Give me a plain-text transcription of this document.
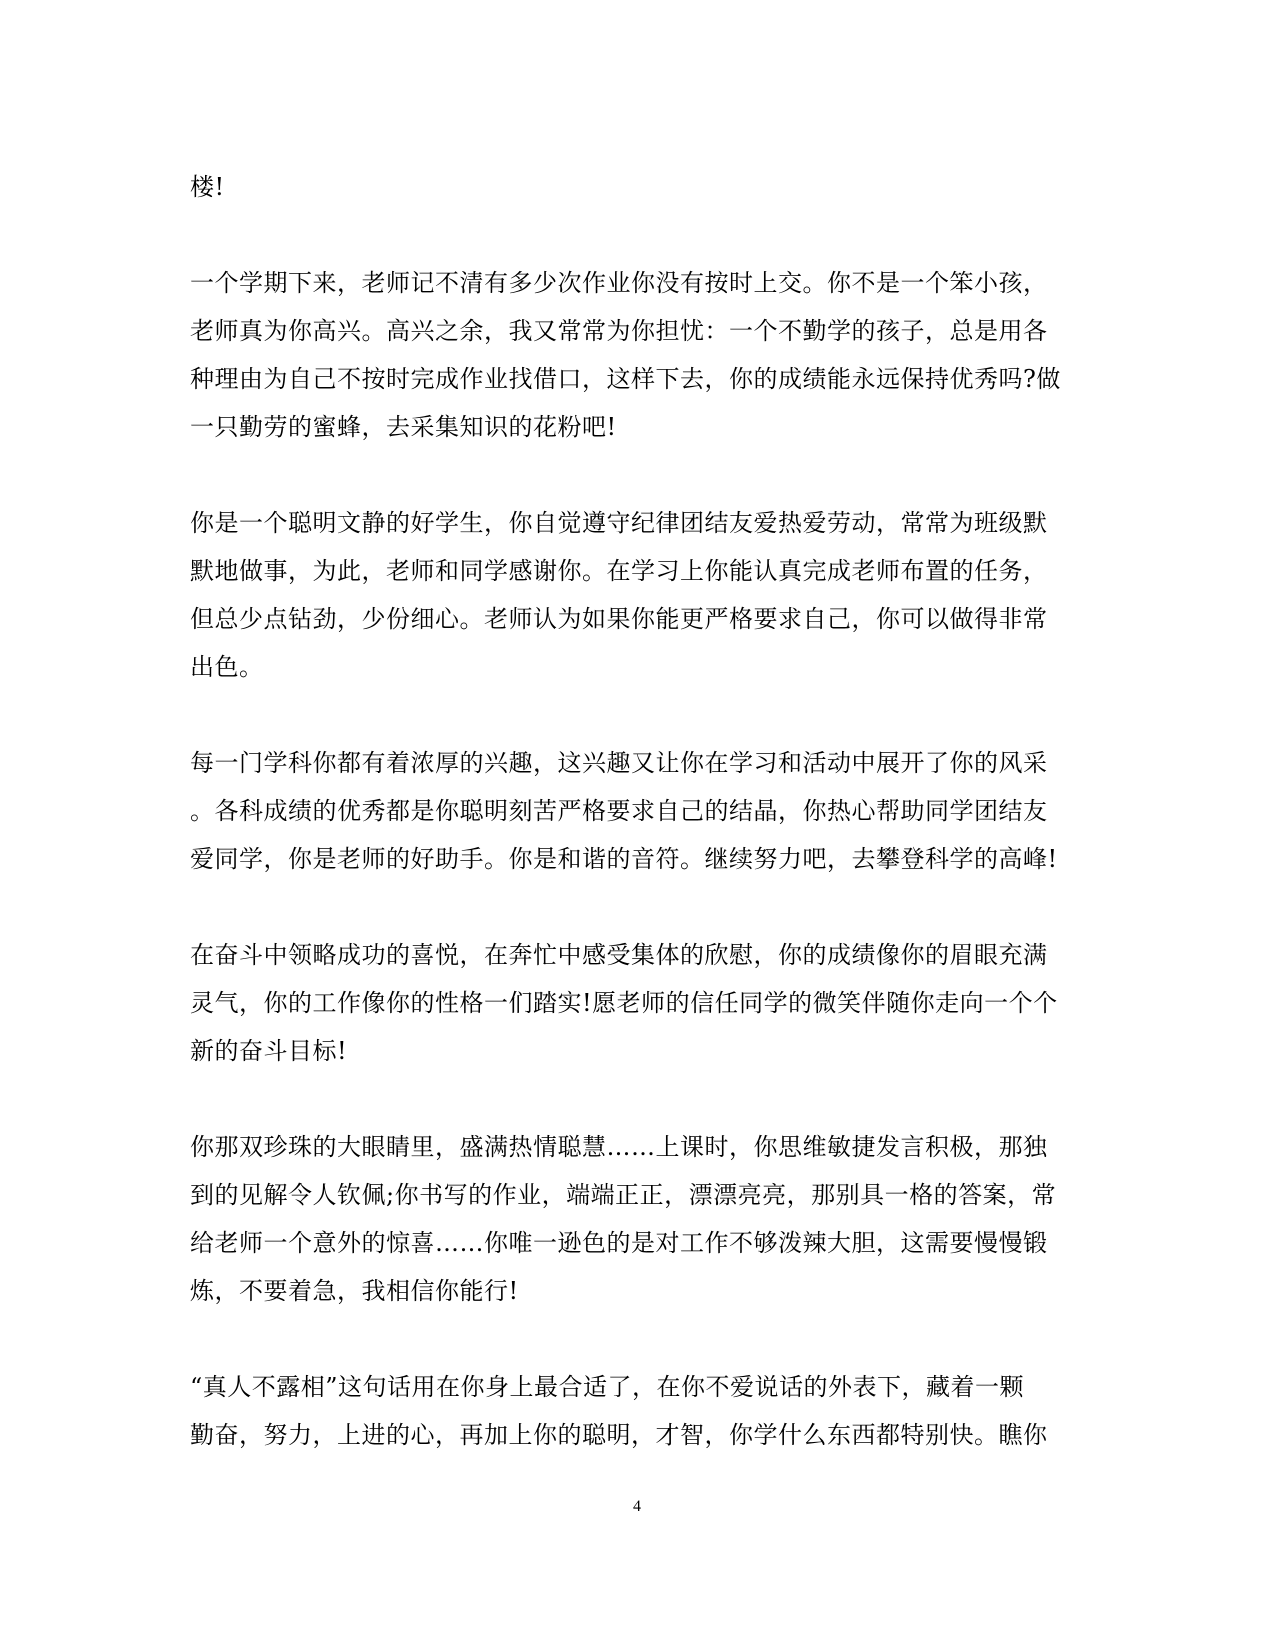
楼!
一个学期下来，老师记不清有多少次作业你没有按时上交。你不是一个笨小孩，
老师真为你高兴。高兴之余，我又常常为你担忧：一个不勤学的孩子，总是用各
种理由为自己不按时完成作业找借口，这样下去，你的成绩能永远保持优秀吗?做
一只勤劳的蜜蜂，去采集知识的花粉吧!
你是一个聪明文静的好学生，你自觉遵守纪律团结友爱热爱劳动，常常为班级默
默地做事，为此，老师和同学感谢你。在学习上你能认真完成老师布置的任务，
但总少点钻劲，少份细心。老师认为如果你能更严格要求自己，你可以做得非常
出色。
每一门学科你都有着浓厚的兴趣，这兴趣又让你在学习和活动中展开了你的风采
。各科成绩的优秀都是你聪明刻苦严格要求自己的结晶，你热心帮助同学团结友
爱同学，你是老师的好助手。你是和谐的音符。继续努力吧，去攀登科学的高峰!
在奋斗中领略成功的喜悦，在奔忙中感受集体的欣慰，你的成绩像你的眉眼充满
灵气，你的工作像你的性格一们踏实!愿老师的信任同学的微笑伴随你走向一个个
新的奋斗目标!
你那双珍珠的大眼睛里，盛满热情聪慧……上课时，你思维敏捷发言积极，那独
到的见解令人钦佩;你书写的作业，端端正正，漂漂亮亮，那别具一格的答案，常
给老师一个意外的惊喜……你唯一逊色的是对工作不够泼辣大胆，这需要慢慢锻
炼，不要着急，我相信你能行!
“真人不露相”这句话用在你身上最合适了，在你不爱说话的外表下，藏着一颗
勤奋，努力，上进的心，再加上你的聪明，才智，你学什么东西都特别快。瞧你
4
